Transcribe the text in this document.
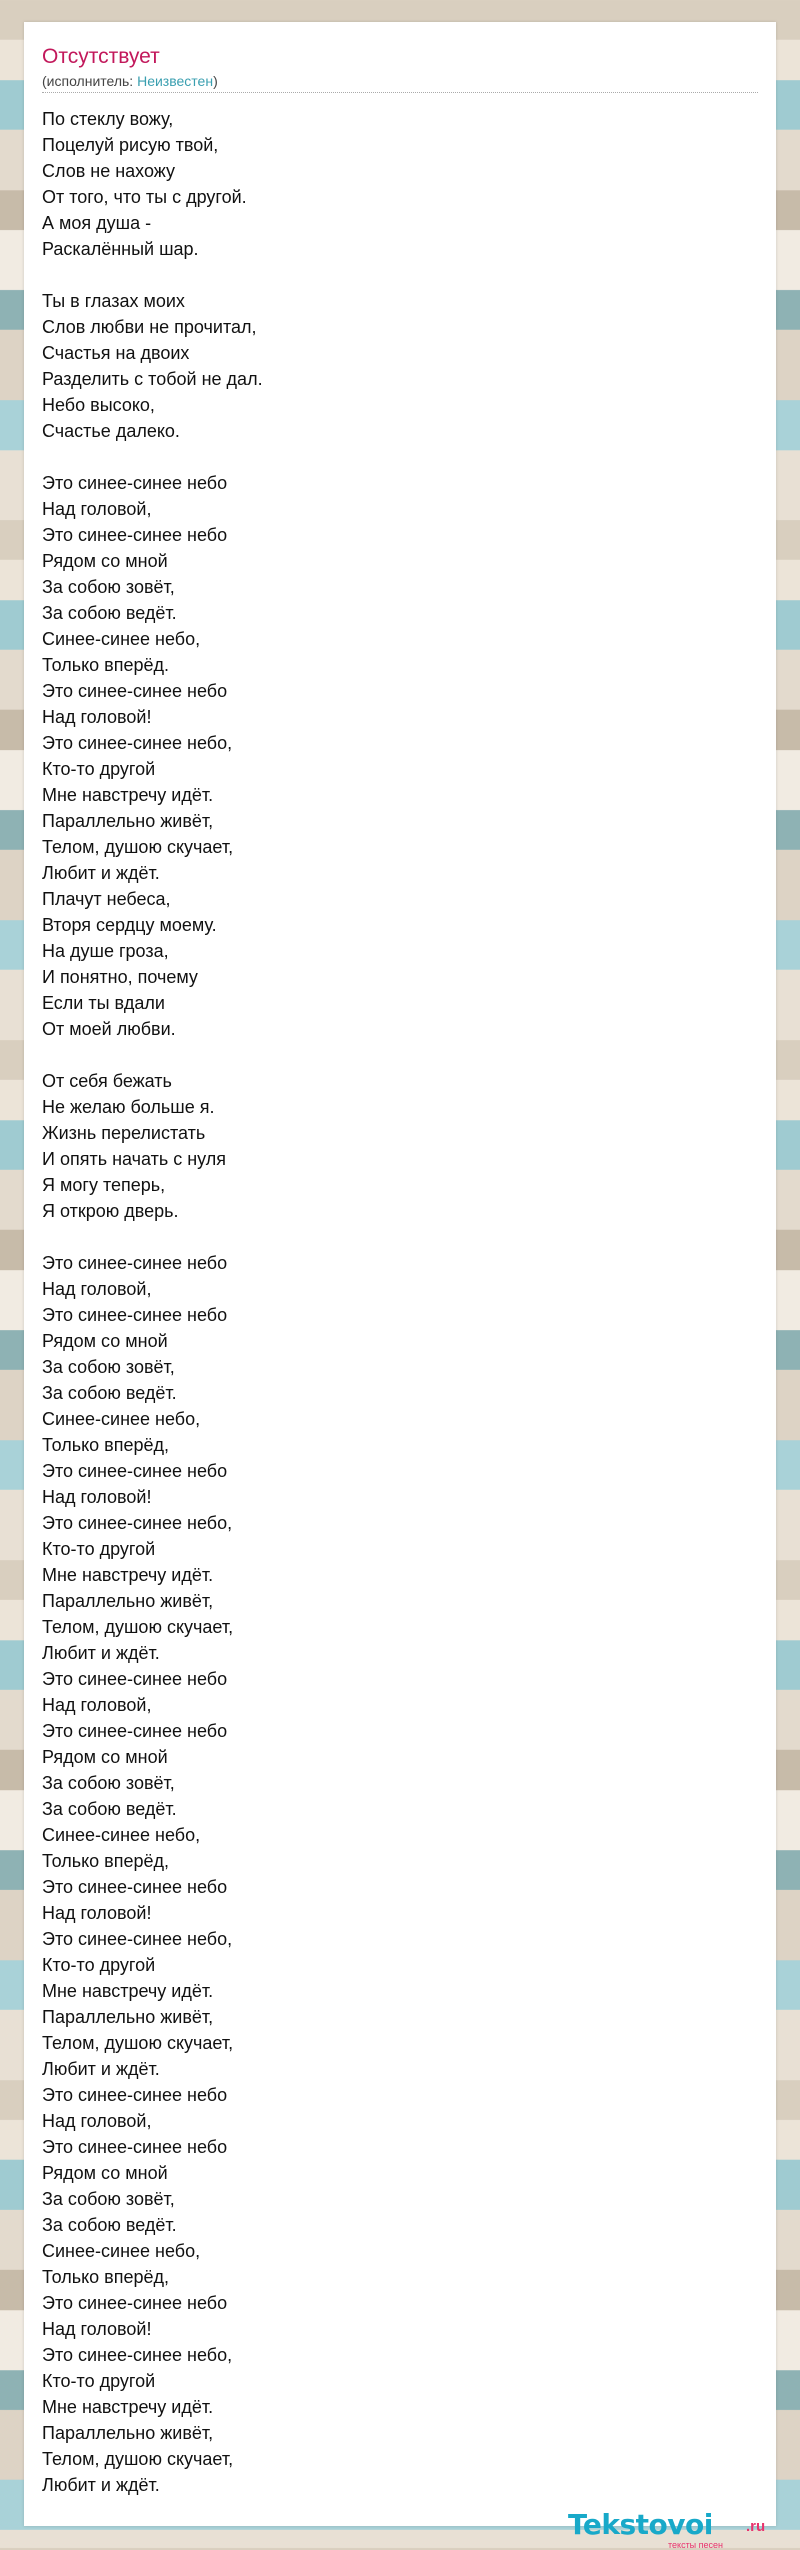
Отсутствует
(исполнитель: Неизвестен)
По стеклу вожу,
Поцелуй рисую твой,
Слов не нахожу
От того, что ты с другой.
А моя душа -
Раскалённый шар.
Ты в глазах моих
Слов любви не прочитал,
Счастья на двоих
Разделить с тобой не дал.
Небо высоко,
Счастье далеко.
Это синее-синее небо
Над головой,
Это синее-синее небо
Рядом со мной
За собою зовёт,
За собою ведёт.
Синее-синее небо,
Только вперёд.
Это синее-синее небо
Над головой!
Это синее-синее небо,
Кто-то другой
Мне навстречу идёт.
Параллельно живёт,
Телом, душою скучает,
Любит и ждёт.
Плачут небеса,
Вторя сердцу моему.
На душе гроза,
И понятно, почему
Если ты вдали
От моей любви.
От себя бежать
Не желаю больше я.
Жизнь перелистать
И опять начать с нуля
Я могу теперь,
Я открою дверь.
Это синее-синее небо
Над головой,
Это синее-синее небо
Рядом со мной
За собою зовёт,
За собою ведёт.
Синее-синее небо,
Только вперёд,
Это синее-синее небо
Над головой!
Это синее-синее небо,
Кто-то другой
Мне навстречу идёт.
Параллельно живёт,
Телом, душою скучает,
Любит и ждёт.
Это синее-синее небо
Над головой,
Это синее-синее небо
Рядом со мной
За собою зовёт,
За собою ведёт.
Синее-синее небо,
Только вперёд,
Это синее-синее небо
Над головой!
Это синее-синее небо,
Кто-то другой
Мне навстречу идёт.
Параллельно живёт,
Телом, душою скучает,
Любит и ждёт.
Это синее-синее небо
Над головой,
Это синее-синее небо
Рядом со мной
За собою зовёт,
За собою ведёт.
Синее-синее небо,
Только вперёд,
Это синее-синее небо
Над головой!
Это синее-синее небо,
Кто-то другой
Мне навстречу идёт.
Параллельно живёт,
Телом, душою скучает,
Любит и ждёт.
Tekstovoi .ru
тексты песен
